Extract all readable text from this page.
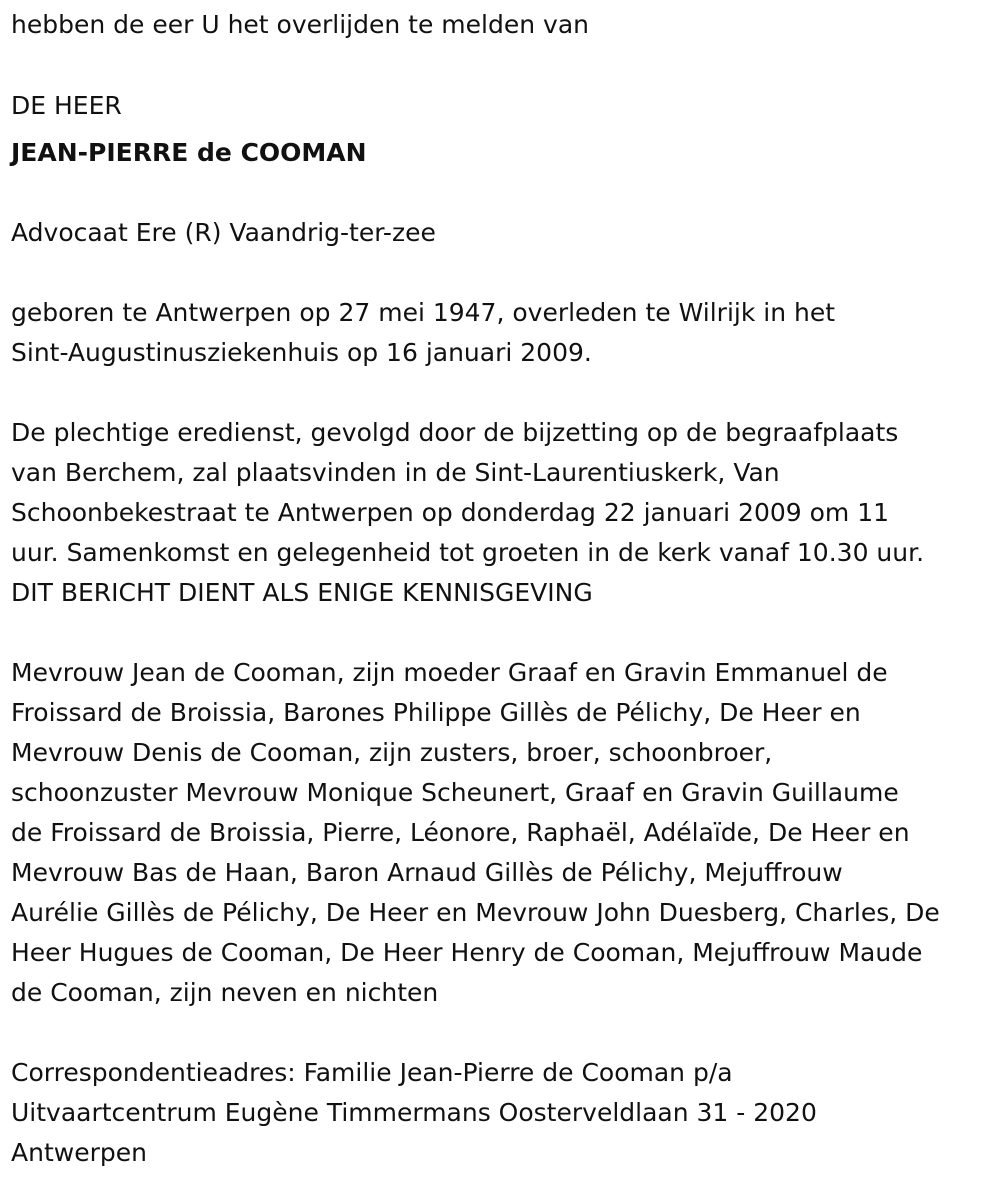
hebben de eer U het overlijden te melden van
DE HEER
JEAN-PIERRE de COOMAN
Advocaat Ere (R) Vaandrig-ter-zee
geboren te Antwerpen op 27 mei 1947, overleden te Wilrijk in het
Sint-Augustinusziekenhuis op 16 januari 2009.
De plechtige eredienst, gevolgd door de bijzetting op de begraafplaats
van Berchem, zal plaatsvinden in de Sint-Laurentiuskerk, Van
Schoonbekestraat te Antwerpen op donderdag 22 januari 2009 om 11
uur. Samenkomst en gelegenheid tot groeten in de kerk vanaf 10.30 uur.
DIT BERICHT DIENT ALS ENIGE KENNISGEVING
Mevrouw Jean de Cooman, zijn moeder Graaf en Gravin Emmanuel de
Froissard de Broissia, Barones Philippe Gillès de Pélichy, De Heer en
Mevrouw Denis de Cooman, zijn zusters, broer, schoonbroer,
schoonzuster Mevrouw Monique Scheunert, Graaf en Gravin Guillaume
de Froissard de Broissia, Pierre, Léonore, Raphaël, Adélaïde, De Heer en
Mevrouw Bas de Haan, Baron Arnaud Gillès de Pélichy, Mejuffrouw
Aurélie Gillès de Pélichy, De Heer en Mevrouw John Duesberg, Charles, De
Heer Hugues de Cooman, De Heer Henry de Cooman, Mejuffrouw Maude
de Cooman, zijn neven en nichten
Correspondentieadres: Familie Jean-Pierre de Cooman p/a
Uitvaartcentrum Eugène Timmermans Oosterveldlaan 31 - 2020
Antwerpen
